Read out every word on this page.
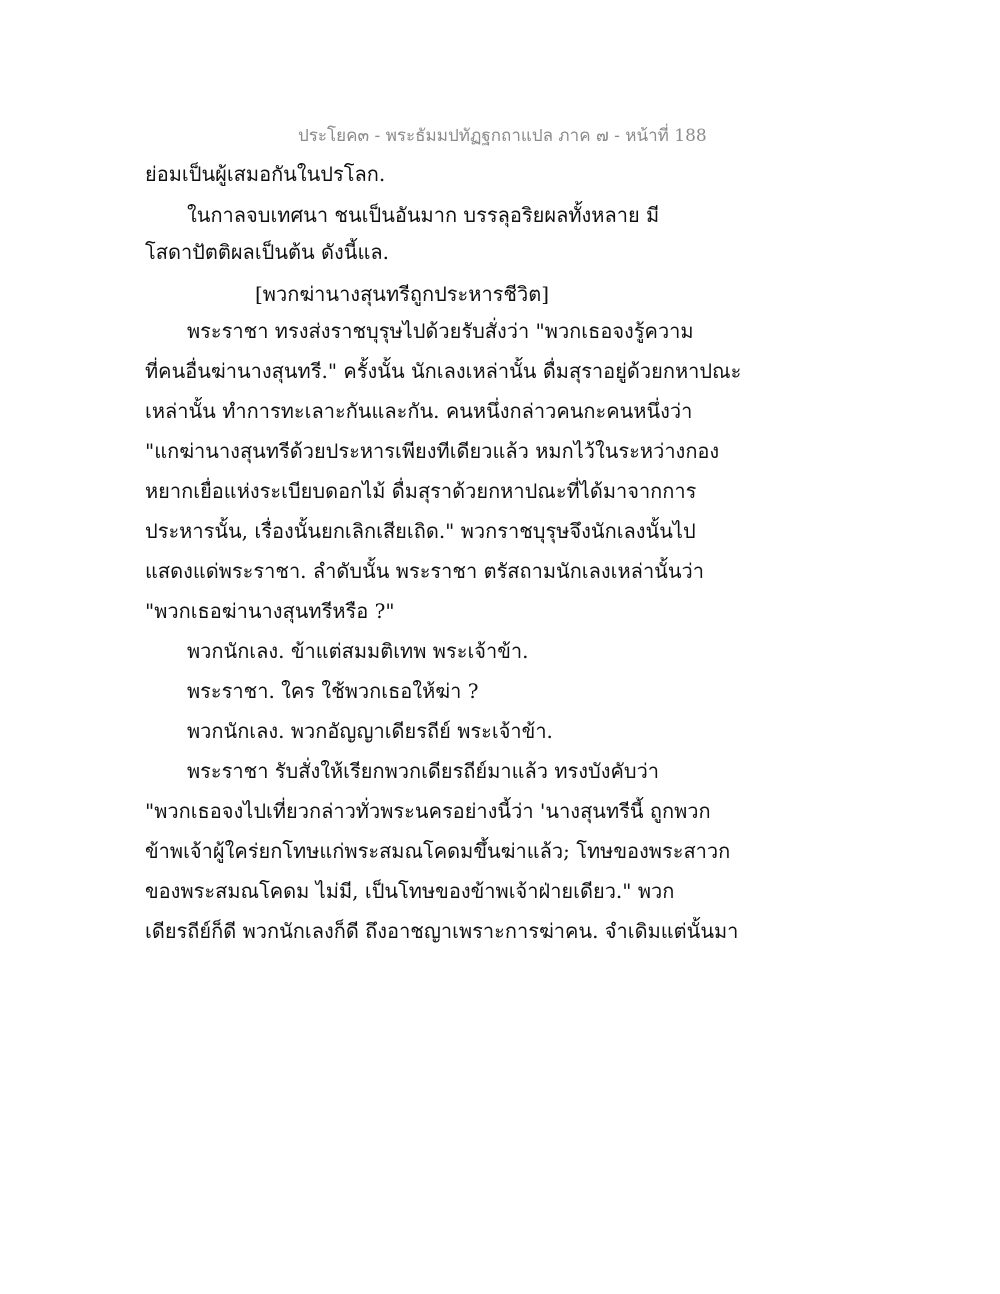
ประโยค๓ - พระธัมมปทัฏฐกถาแปล ภาค ๗ - หน้าที่ 188
ย่อมเป็นผู้เสมอกันในปรโลก.
ในกาลจบเทศนา ชนเป็นอันมาก บรรลุอริยผลทั้งหลาย มี
โสดาปัตติผลเป็นต้น ดังนี้แล.
[พวกฆ่านางสุนทรีถูกประหารชีวิต]
พระราชา ทรงส่งราชบุรุษไปด้วยรับสั่งว่า "พวกเธอจงรู้ความ
ที่คนอื่นฆ่านางสุนทรี." ครั้งนั้น นักเลงเหล่านั้น ดื่มสุราอยู่ด้วยกหาปณะ
เหล่านั้น ทำการทะเลาะกันและกัน. คนหนึ่งกล่าวคนกะคนหนึ่งว่า
"แกฆ่านางสุนทรีด้วยประหารเพียงทีเดียวแล้ว หมกไว้ในระหว่างกอง
หยากเยื่อแห่งระเบียบดอกไม้ ดื่มสุราด้วยกหาปณะที่ได้มาจากการ
ประหารนั้น, เรื่องนั้นยกเลิกเสียเถิด." พวกราชบุรุษจึงนักเลงนั้นไป
แสดงแด่พระราชา. ลำดับนั้น พระราชา ตรัสถามนักเลงเหล่านั้นว่า
"พวกเธอฆ่านางสุนทรีหรือ ?"
พวกนักเลง. ข้าแต่สมมติเทพ พระเจ้าข้า.
พระราชา. ใคร ใช้พวกเธอให้ฆ่า ?
พวกนักเลง. พวกอัญญาเดียรถีย์ พระเจ้าข้า.
พระราชา รับสั่งให้เรียกพวกเดียรถีย์มาแล้ว ทรงบังคับว่า
"พวกเธอจงไปเที่ยวกล่าวทั่วพระนครอย่างนี้ว่า 'นางสุนทรีนี้ ถูกพวก
ข้าพเจ้าผู้ใคร่ยกโทษแก่พระสมณโคดมขึ้นฆ่าแล้ว; โทษของพระสาวก
ของพระสมณโคดม ไม่มี, เป็นโทษของข้าพเจ้าฝ่ายเดียว." พวก
เดียรถีย์ก็ดี พวกนักเลงก็ดี ถึงอาชญาเพราะการฆ่าคน. จำเดิมแต่นั้นมา
